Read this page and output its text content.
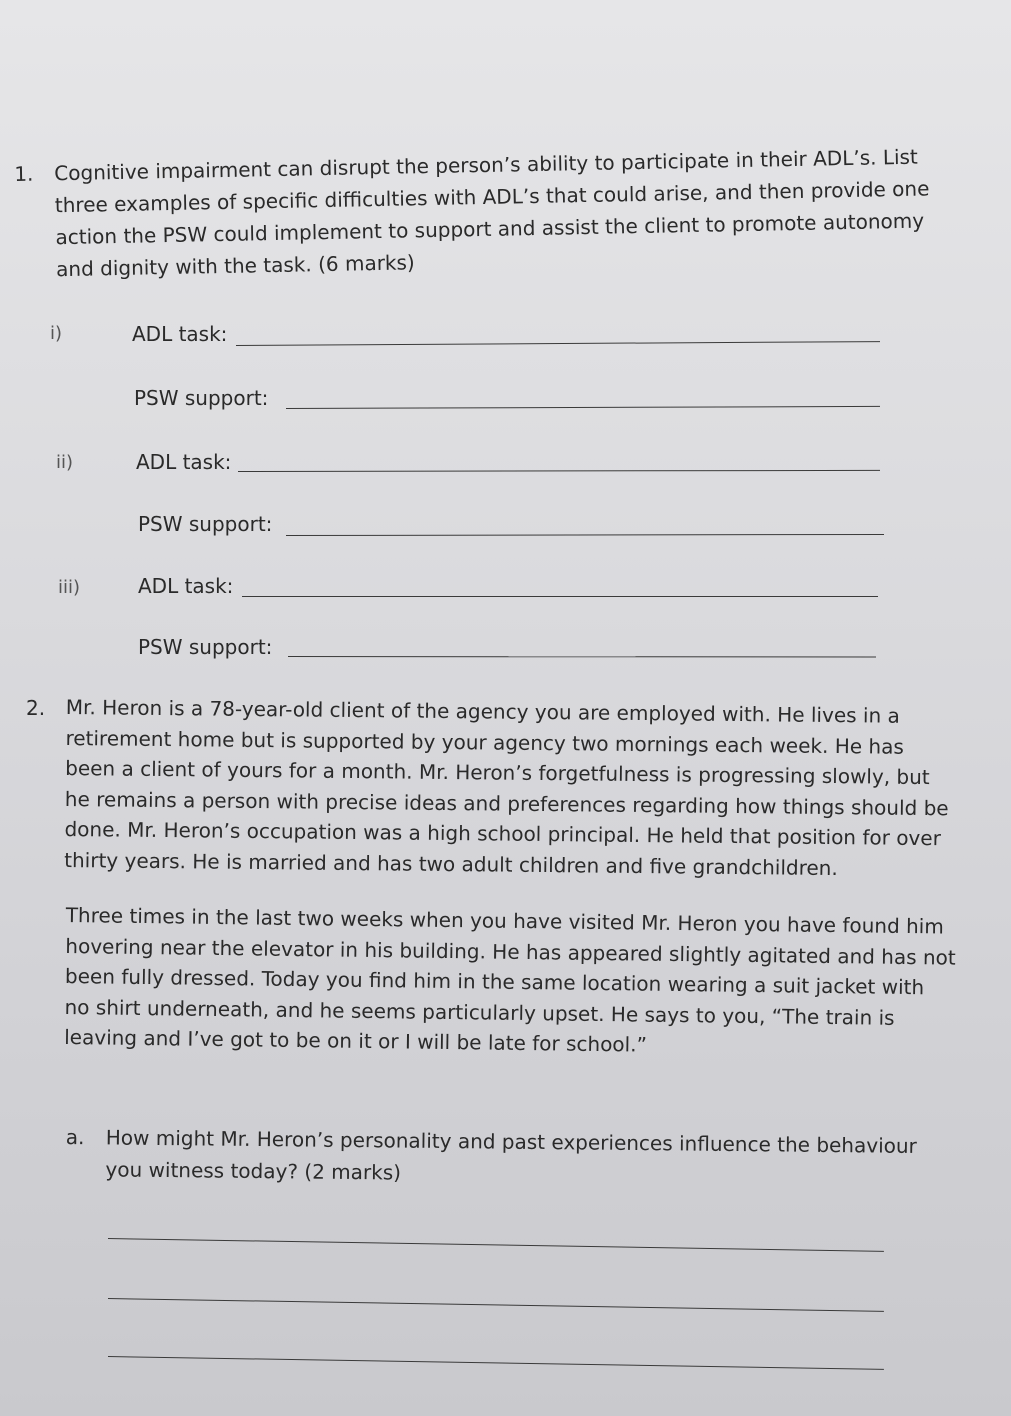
1. Cognitive impairment can disrupt the person’s ability to participate in their ADL’s. List
three examples of specific difficulties with ADL’s that could arise, and then provide one
action the PSW could implement to support and assist the client to promote autonomy
and dignity with the task. (6 marks)
i)	ADL task:
PSW support:
ii)	ADL task:
PSW support:
iii)	ADL task:
PSW support:
2. Mr. Heron is a 78-year-old client of the agency you are employed with. He lives in a
retirement home but is supported by your agency two mornings each week. He has
been a client of yours for a month. Mr. Heron’s forgetfulness is progressing slowly, but
he remains a person with precise ideas and preferences regarding how things should be
done. Mr. Heron’s occupation was a high school principal. He held that position for over
thirty years. He is married and has two adult children and five grandchildren.
Three times in the last two weeks when you have visited Mr. Heron you have found him
hovering near the elevator in his building. He has appeared slightly agitated and has not
been fully dressed. Today you find him in the same location wearing a suit jacket with
no shirt underneath, and he seems particularly upset. He says to you, “The train is
leaving and I’ve got to be on it or I will be late for school.”
a. How might Mr. Heron’s personality and past experiences influence the behaviour
you witness today? (2 marks)
